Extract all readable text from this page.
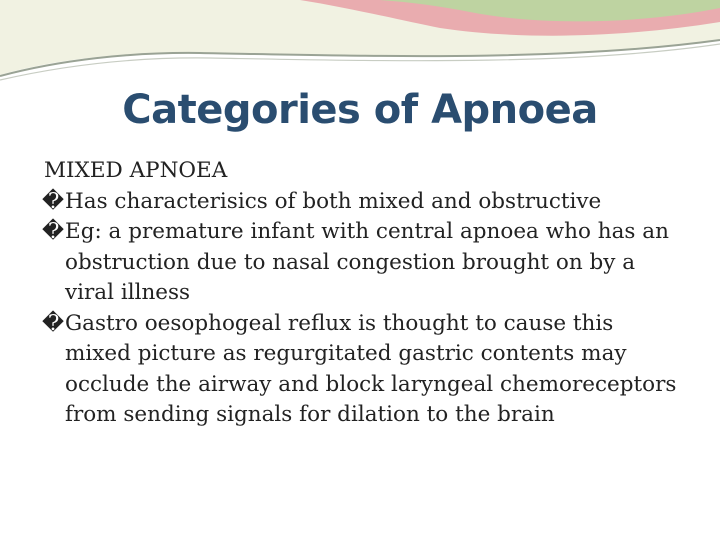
Categories of Apnoea

MIXED APNOEA

� Has characterisics of both mixed and obstructive

� Eg: a premature infant with central apnoea who has an obstruction due to nasal congestion brought on by a viral illness

� Gastro oesophogeal reflux is thought to cause this mixed picture as regurgitated gastric contents may occlude the airway and block laryngeal chemoreceptors from sending signals for dilation to the brain
